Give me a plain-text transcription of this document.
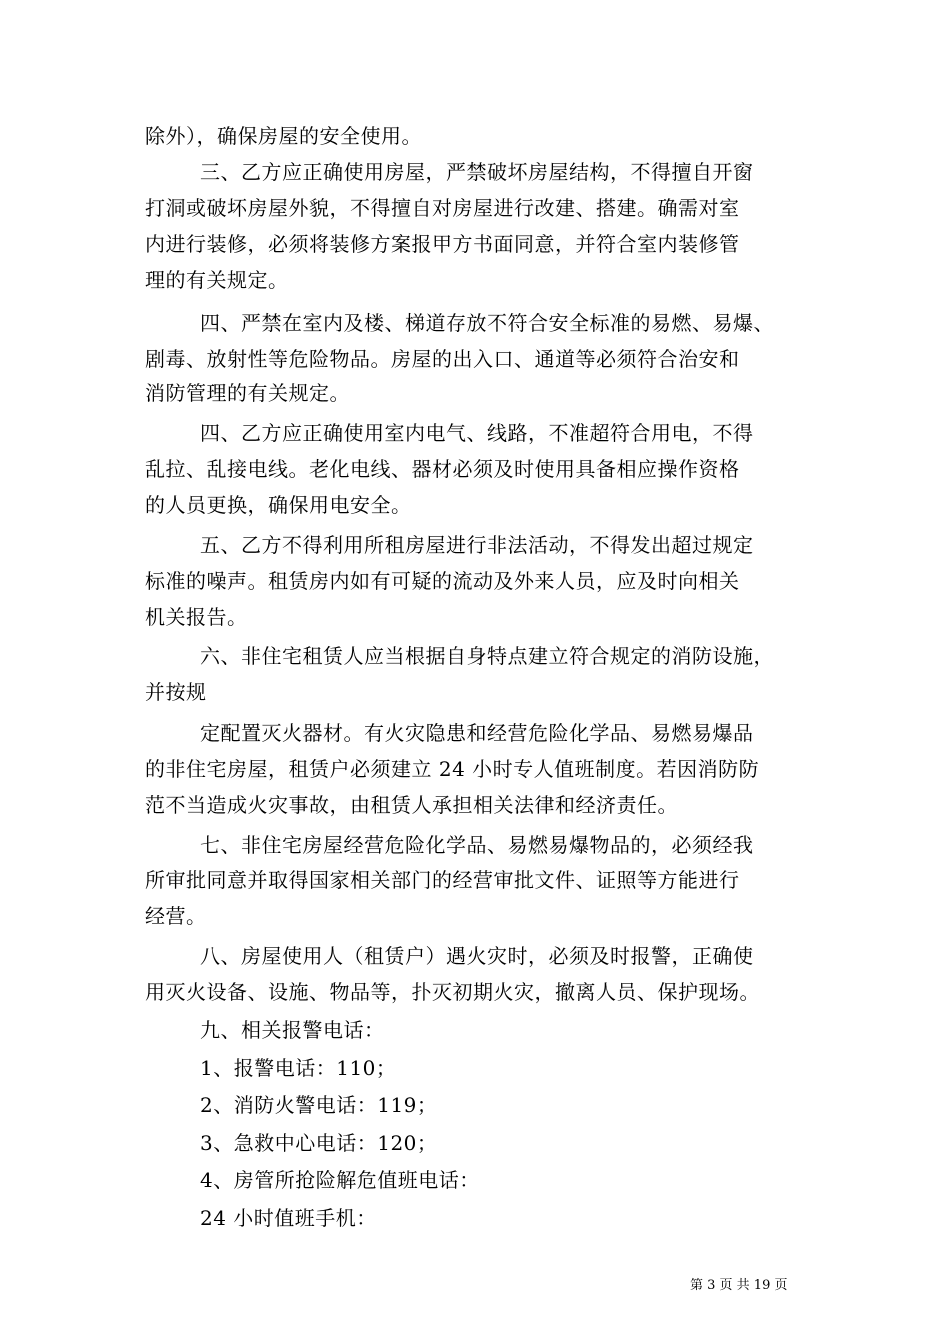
除外），确保房屋的安全使用。
三、乙方应正确使用房屋，严禁破坏房屋结构，不得擅自开窗
打洞或破坏房屋外貌，不得擅自对房屋进行改建、搭建。确需对室
内进行装修，必须将装修方案报甲方书面同意，并符合室内装修管
理的有关规定。
四、严禁在室内及楼、梯道存放不符合安全标准的易燃、易爆、
剧毒、放射性等危险物品。房屋的出入口、通道等必须符合治安和
消防管理的有关规定。
四、乙方应正确使用室内电气、线路，不准超符合用电，不得
乱拉、乱接电线。老化电线、器材必须及时使用具备相应操作资格
的人员更换，确保用电安全。
五、乙方不得利用所租房屋进行非法活动，不得发出超过规定
标准的噪声。租赁房内如有可疑的流动及外来人员，应及时向相关
机关报告。
六、非住宅租赁人应当根据自身特点建立符合规定的消防设施，
并按规
定配置灭火器材。有火灾隐患和经营危险化学品、易燃易爆品
的非住宅房屋，租赁户必须建立 24 小时专人值班制度。若因消防防
范不当造成火灾事故，由租赁人承担相关法律和经济责任。
七、非住宅房屋经营危险化学品、易燃易爆物品的，必须经我
所审批同意并取得国家相关部门的经营审批文件、证照等方能进行
经营。
八、房屋使用人（租赁户）遇火灾时，必须及时报警，正确使
用灭火设备、设施、物品等，扑灭初期火灾，撤离人员、保护现场。
九、相关报警电话：
1、报警电话：110；
2、消防火警电话：119；
3、急救中心电话：120；
4、房管所抢险解危值班电话：
24 小时值班手机：
第 3 页 共 19 页
